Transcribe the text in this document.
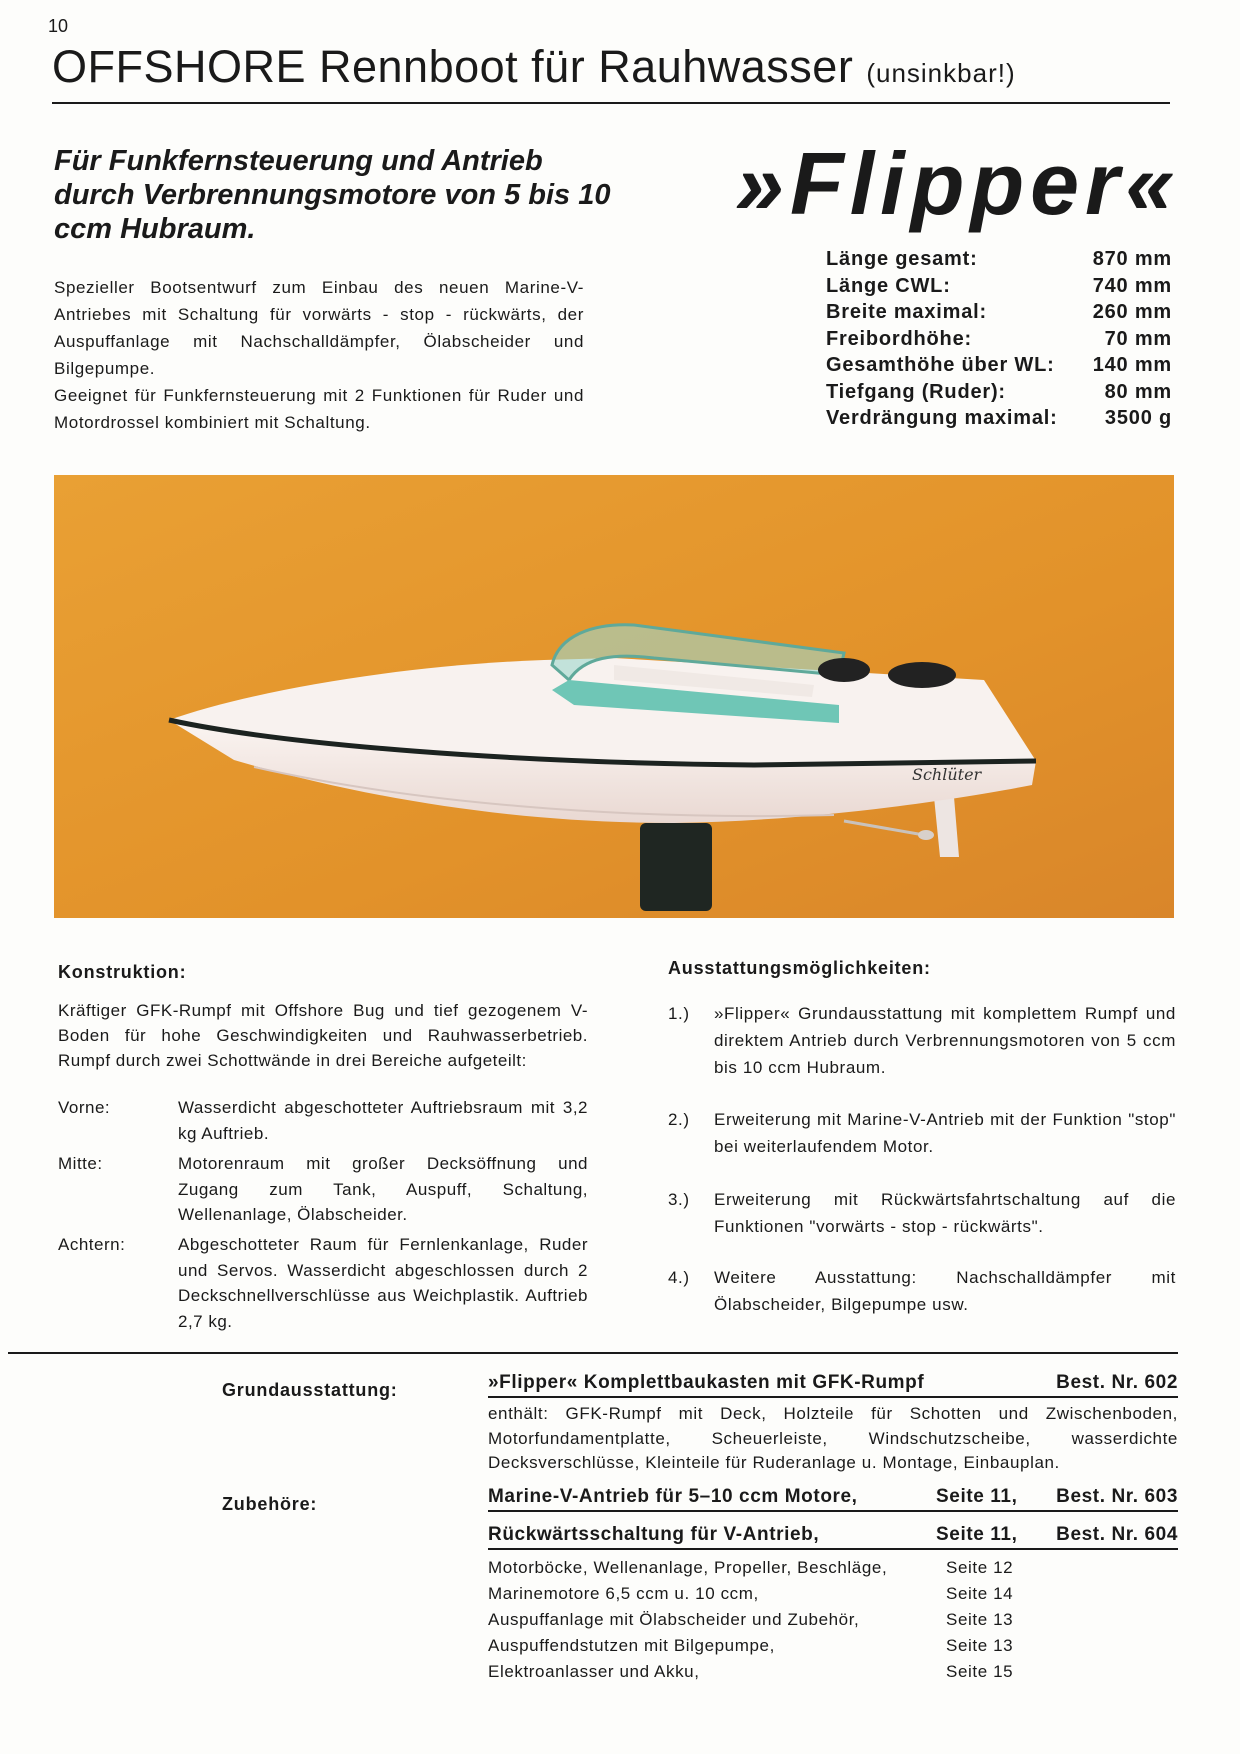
10
OFFSHORE Rennboot für Rauhwasser (unsinkbar!)
Für Funkfernsteuerung und Antrieb durch Verbrennungsmotore von 5 bis 10 ccm Hubraum.	»Flipper«

Spezieller Bootsentwurf zum Einbau des neuen Marine-V-Antriebes mit Schaltung für vorwärts - stop - rückwärts, der Auspuffanlage mit Nachschalldämpfer, Ölabscheider und Bilgepumpe.

Geeignet für Funkfernsteuerung mit 2 Funktionen für Ruder und Motordrossel kombiniert mit Schaltung.

Länge gesamt:	870 mm
Länge CWL:	740 mm
Breite maximal:	260 mm
Freibordhöhe:	70 mm
Gesamthöhe über WL: 140 mm
Tiefgang (Ruder):	80 mm
Verdrängung maximal: 3500 g
Schlüter
Konstruktion:

Kräftiger GFK-Rumpf mit Offshore Bug und tief gezogenem V-Boden für hohe Geschwindigkeiten und Rauhwasserbetrieb. Rumpf durch zwei Schottwände in drei Bereiche aufgeteilt:

Vorne:	Wasserdicht abgeschotteter Auftriebsraum mit 3,2 kg Auftrieb.
Mitte:	Motorenraum mit großer Decksöffnung und Zugang zum Tank, Auspuff, Schaltung, Wellenanlage, Ölabscheider.
Achtern:	Abgeschotteter Raum für Fernlenkanlage, Ruder und Servos. Wasserdicht abgeschlossen durch 2 Deckschnellverschlüsse aus Weichplastik. Auftrieb 2,7 kg.
Ausstattungsmöglichkeiten:
1.)	»Flipper« Grundausstattung mit komplettem Rumpf und direktem Antrieb durch Verbrennungsmotoren von 5 ccm bis 10 ccm Hubraum.
2.)	Erweiterung mit Marine-V-Antrieb mit der Funktion "stop" bei weiterlaufendem Motor.
3.)	Erweiterung mit Rückwärtsfahrtschaltung auf die Funktionen "vorwärts - stop - rückwärts".
4.)	Weitere Ausstattung: Nachschalldämpfer mit Ölabscheider, Bilgepumpe usw.
Grundausstattung:	»Flipper« Komplettbaukasten mit GFK-Rumpf	Best. Nr. 602
enthält: GFK-Rumpf mit Deck, Holzteile für Schotten und Zwischenboden, Motorfundamentplatte, Scheuerleiste, Windschutzscheibe, wasserdichte Decksverschlüsse, Kleinteile für Ruderanlage u. Montage, Einbauplan.
Zubehöre:	Marine-V-Antrieb für 5–10 ccm Motore,	Seite 11,	Best. Nr. 603
Rückwärtsschaltung für V-Antrieb,	Seite 11,	Best. Nr. 604
Motorböcke, Wellenanlage, Propeller, Beschläge,	Seite 12
Marinemotore 6,5 ccm u. 10 ccm,	Seite 14
Auspuffanlage mit Ölabscheider und Zubehör,	Seite 13
Auspuffendstutzen mit Bilgepumpe,	Seite 13
Elektroanlasser und Akku,	Seite 15
